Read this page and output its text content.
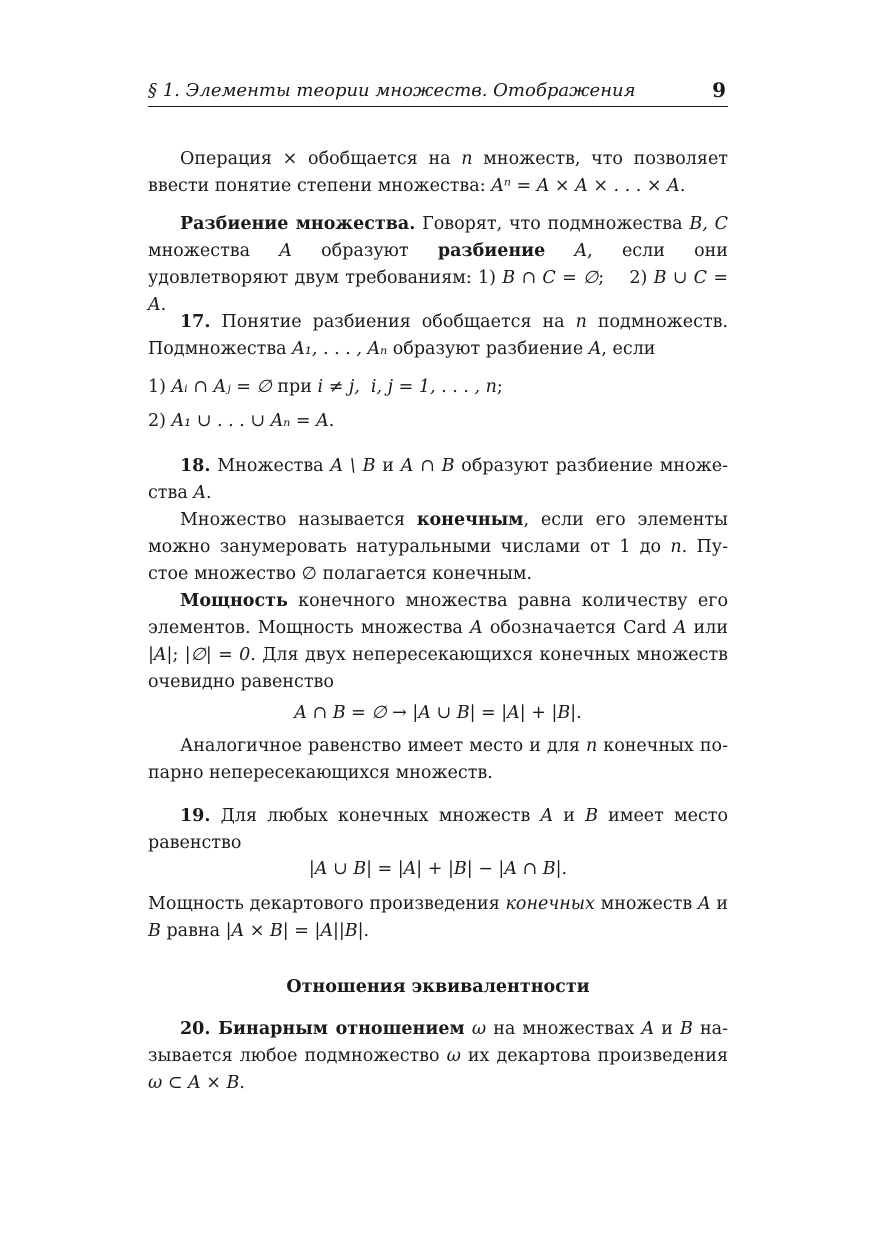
§ 1. Элементы теории множеств. Отображения	9

Операция × обобщается на n множеств, что позволяет ввести понятие степени множества: Aⁿ = A × A × . . . × A.

Разбиение множества. Говорят, что подмножества B, C множества A образуют разбиение A, если они удовлетворяют двум требованиям: 1) B ∩ C = ∅;    2) B ∪ C = A.

17. Понятие разбиения обобщается на n подмножеств. Подмножества A₁, . . . , Aₙ образуют разбиение A, если

1) Aᵢ ∩ Aⱼ = ∅ при i ≠ j,  i, j = 1, . . . , n;

2) A₁ ∪ . . . ∪ Aₙ = A.

18. Множества A \ B и A ∩ B образуют разбиение множества A.

Множество называется конечным, если его элементы можно занумеровать натуральными числами от 1 до n. Пустое множество ∅ полагается конечным.

Мощность конечного множества равна количеству его элементов. Мощность множества A обозначается Card A или |A|; |∅| = 0. Для двух непересекающихся конечных множеств очевидно равенство

A ∩ B = ∅ → |A ∪ B| = |A| + |B|.

Аналогичное равенство имеет место и для n конечных попарно непересекающихся множеств.

19. Для любых конечных множеств A и B имеет место равенство

|A ∪ B| = |A| + |B| − |A ∩ B|.

Мощность декартового произведения конечных множеств A и B равна |A × B| = |A||B|.

Отношения эквивалентности

20. Бинарным отношением ω на множествах A и B называется любое подмножество ω их декартова произведения ω ⊂ A × B.
